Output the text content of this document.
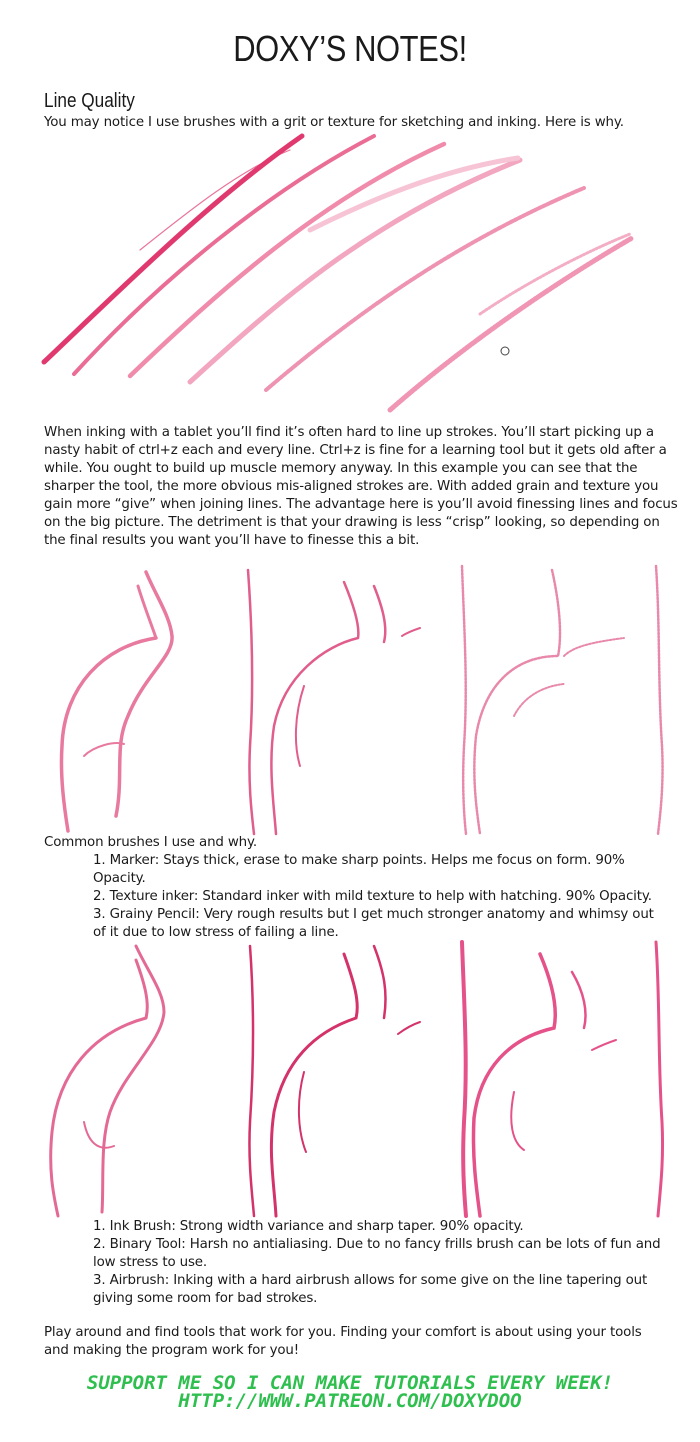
DOXY’S NOTES!
Line Quality
You may notice I use brushes with a grit or texture for sketching and inking. Here is why.
When inking with a tablet you’ll find it’s often hard to line up strokes. You’ll start picking up a nasty habit of ctrl+z each and every line. Ctrl+z is fine for a learning tool but it gets old after a while. You ought to build up muscle memory anyway. In this example you can see that the sharper the tool, the more obvious mis-aligned strokes are. With added grain and texture you gain more “give” when joining lines. The advantage here is you’ll avoid finessing lines and focus on the big picture. The detriment is that your drawing is less “crisp” looking, so depending on the final results you want you’ll have to finesse this a bit.
Common brushes I use and why.
1. Marker: Stays thick, erase to make sharp points. Helps me focus on form. 90% Opacity.
2. Texture inker: Standard inker with mild texture to help with hatching. 90% Opacity.
3. Grainy Pencil: Very rough results but I get much stronger anatomy and whimsy out of it due to low stress of failing a line.
1. Ink Brush: Strong width variance and sharp taper. 90% opacity.
2. Binary Tool: Harsh no antialiasing. Due to no fancy frills brush can be lots of fun and low stress to use.
3. Airbrush: Inking with a hard airbrush allows for some give on the line tapering out giving some room for bad strokes.
Play around and find tools that work for you. Finding your comfort is about using your tools and making the program work for you!
SUPPORT ME SO I CAN MAKE TUTORIALS EVERY WEEK!
HTTP://WWW.PATREON.COM/DOXYDOO
